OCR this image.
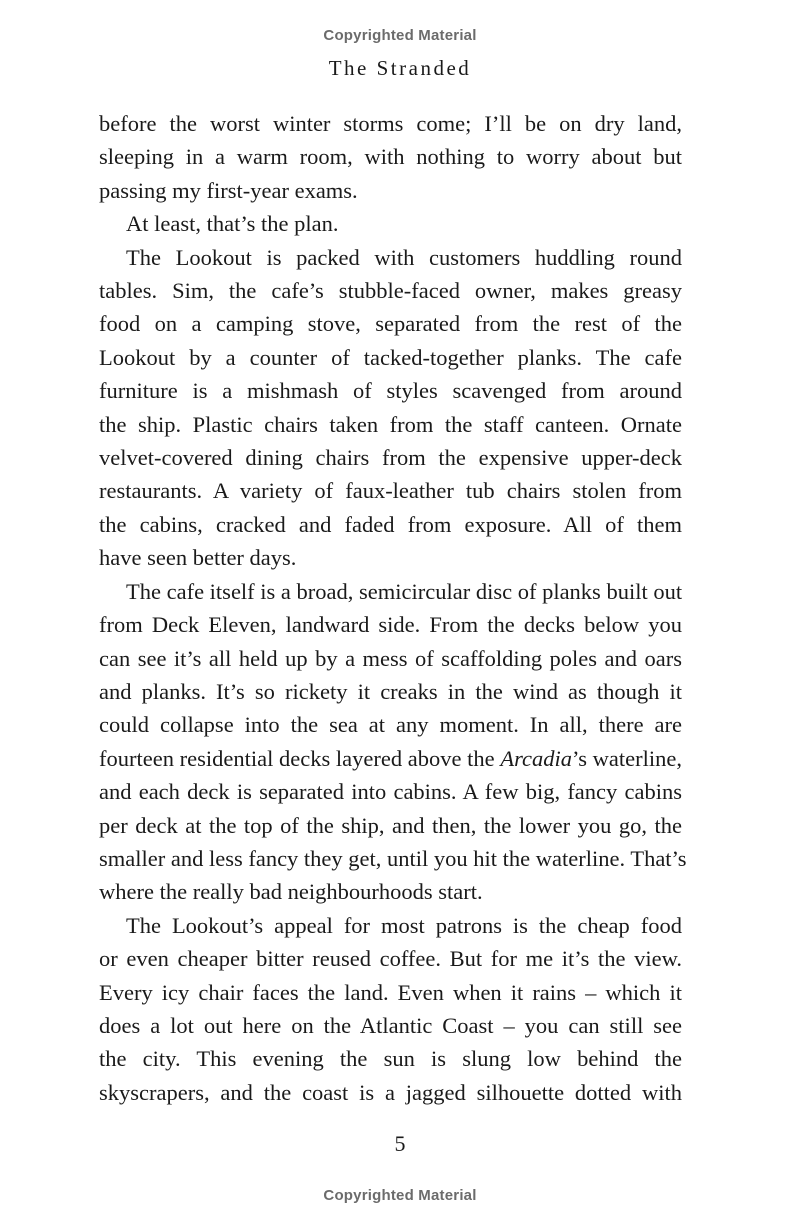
Copyrighted Material
The Stranded
before the worst winter storms come; I’ll be on dry land,
sleeping in a warm room, with nothing to worry about but
passing my first-year exams.
At least, that’s the plan.
The Lookout is packed with customers huddling round
tables. Sim, the cafe’s stubble-faced owner, makes greasy
food on a camping stove, separated from the rest of the
Lookout by a counter of tacked-together planks. The cafe
furniture is a mishmash of styles scavenged from around
the ship. Plastic chairs taken from the staff canteen. Ornate
velvet-covered dining chairs from the expensive upper-deck
restaurants. A variety of faux-leather tub chairs stolen from
the cabins, cracked and faded from exposure. All of them
have seen better days.
The cafe itself is a broad, semicircular disc of planks built out
from Deck Eleven, landward side. From the decks below you
can see it’s all held up by a mess of scaffolding poles and oars
and planks. It’s so rickety it creaks in the wind as though it
could collapse into the sea at any moment. In all, there are
fourteen residential decks layered above the Arcadia’s waterline,
and each deck is separated into cabins. A few big, fancy cabins
per deck at the top of the ship, and then, the lower you go, the
smaller and less fancy they get, until you hit the waterline. That’s
where the really bad neighbourhoods start.
The Lookout’s appeal for most patrons is the cheap food
or even cheaper bitter reused coffee. But for me it’s the view.
Every icy chair faces the land. Even when it rains – which it
does a lot out here on the Atlantic Coast – you can still see
the city. This evening the sun is slung low behind the
skyscrapers, and the coast is a jagged silhouette dotted with
5
Copyrighted Material
